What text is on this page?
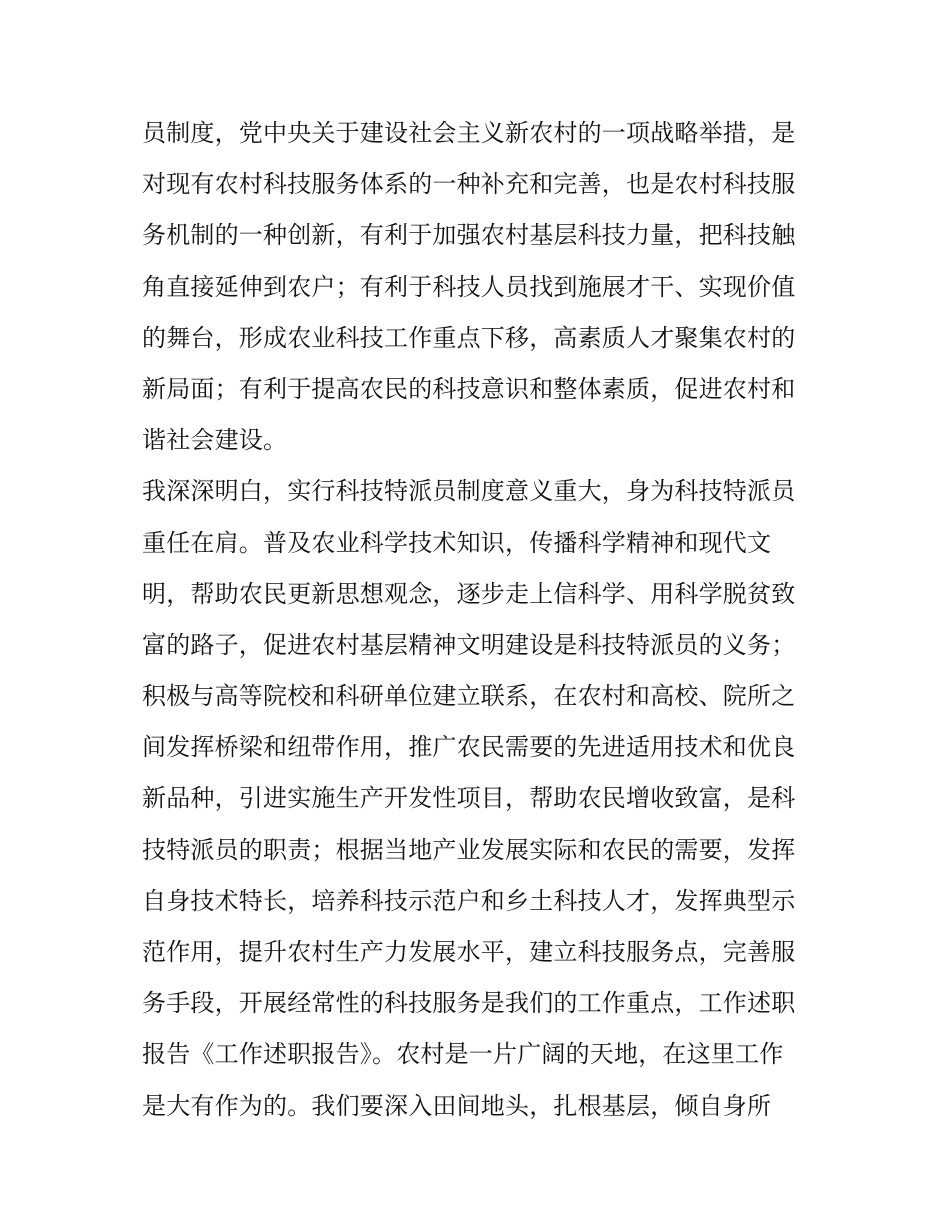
员制度，党中央关于建设社会主义新农村的一项战略举措，是
对现有农村科技服务体系的一种补充和完善，也是农村科技服
务机制的一种创新，有利于加强农村基层科技力量，把科技触
角直接延伸到农户；有利于科技人员找到施展才干、实现价值
的舞台，形成农业科技工作重点下移，高素质人才聚集农村的
新局面；有利于提高农民的科技意识和整体素质，促进农村和
谐社会建设。
我深深明白，实行科技特派员制度意义重大，身为科技特派员
重任在肩。普及农业科学技术知识，传播科学精神和现代文
明，帮助农民更新思想观念，逐步走上信科学、用科学脱贫致
富的路子，促进农村基层精神文明建设是科技特派员的义务；
积极与高等院校和科研单位建立联系，在农村和高校、院所之
间发挥桥梁和纽带作用，推广农民需要的先进适用技术和优良
新品种，引进实施生产开发性项目，帮助农民增收致富，是科
技特派员的职责；根据当地产业发展实际和农民的需要，发挥
自身技术特长，培养科技示范户和乡土科技人才，发挥典型示
范作用，提升农村生产力发展水平，建立科技服务点，完善服
务手段，开展经常性的科技服务是我们的工作重点，工作述职
报告《工作述职报告》。农村是一片广阔的天地，在这里工作
是大有作为的。我们要深入田间地头，扎根基层，倾自身所
